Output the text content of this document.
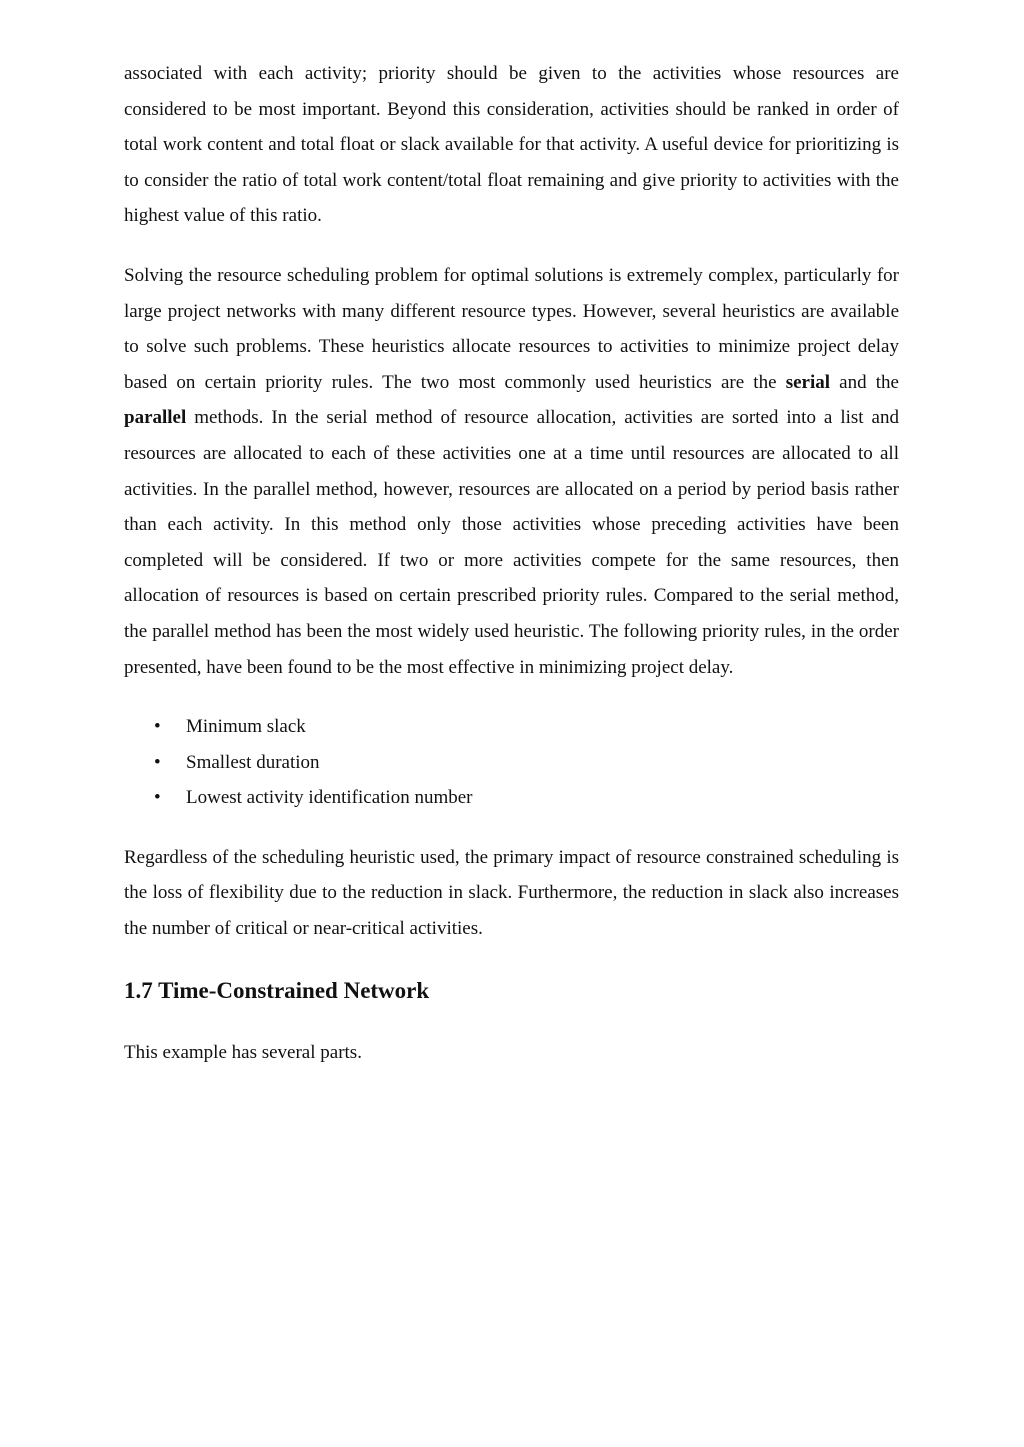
associated with each activity; priority should be given to the activities whose resources are considered to be most important. Beyond this consideration, activities should be ranked in order of total work content and total float or slack available for that activity. A useful device for prioritizing is to consider the ratio of total work content/total float remaining and give priority to activities with the highest value of this ratio.

Solving the resource scheduling problem for optimal solutions is extremely complex, particularly for large project networks with many different resource types. However, several heuristics are available to solve such problems. These heuristics allocate resources to activities to minimize project delay based on certain priority rules. The two most commonly used heuristics are the serial and the parallel methods. In the serial method of resource allocation, activities are sorted into a list and resources are allocated to each of these activities one at a time until resources are allocated to all activities. In the parallel method, however, resources are allocated on a period by period basis rather than each activity. In this method only those activities whose preceding activities have been completed will be considered. If two or more activities compete for the same resources, then allocation of resources is based on certain prescribed priority rules. Compared to the serial method, the parallel method has been the most widely used heuristic. The following priority rules, in the order presented, have been found to be the most effective in minimizing project delay.

• Minimum slack
• Smallest duration
• Lowest activity identification number

Regardless of the scheduling heuristic used, the primary impact of resource constrained scheduling is the loss of flexibility due to the reduction in slack. Furthermore, the reduction in slack also increases the number of critical or near-critical activities.

1.7 Time-Constrained Network

This example has several parts.
